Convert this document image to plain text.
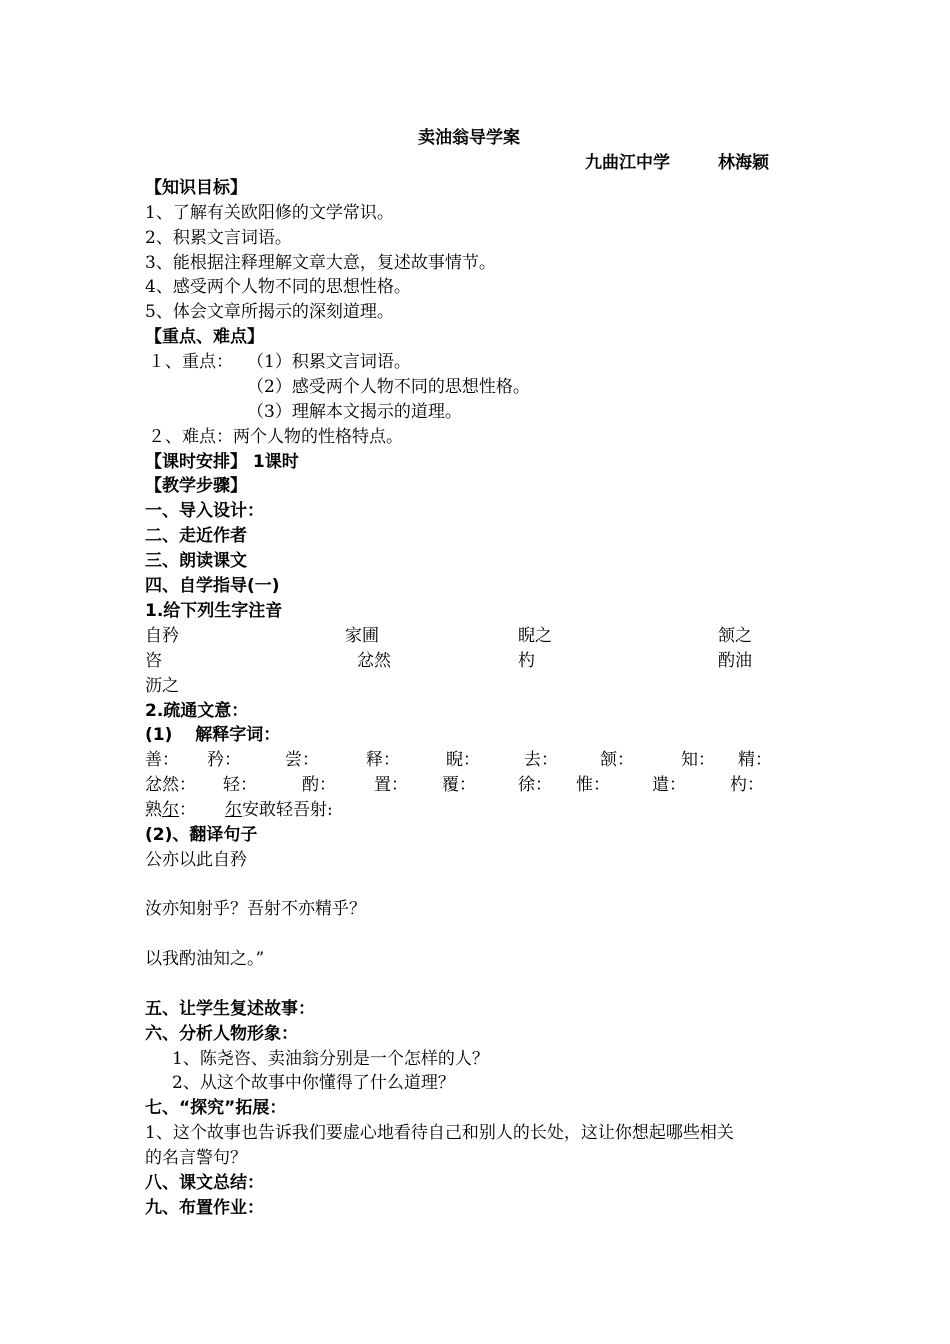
卖油翁导学案
九曲江中学	林海颖
【知识目标】
1、了解有关欧阳修的文学常识。
2、积累文言词语。
3、能根据注释理解文章大意，复述故事情节。
4、感受两个人物不同的思想性格。
5、体会文章所揭示的深刻道理。
【重点、难点】
１、重点： （1）积累文言词语。
（2）感受两个人物不同的思想性格。
（3）理解本文揭示的道理。
２、难点：两个人物的性格特点。
【课时安排】 1课时
【教学步骤】
一、导入设计：
二、走近作者
三、朗读课文
四、自学指导(一)
1.给下列生字注音
自矜	家圃	睨之	颔之
咨	忿然	杓	酌油
沥之
2.疏通文意：
(1)　 解释字词：
善： 矜：	尝：	释：	睨：	去： 颔：	知： 精：
忿然： 轻：	酌： 置： 覆： 徐： 惟： 遣：	杓：
熟尔： 尔安敢轻吾射:
(2)、翻译句子
公亦以此自矜
汝亦知射乎？吾射不亦精乎？
以我酌油知之。”
五、让学生复述故事：
六、分析人物形象：
1、陈尧咨、卖油翁分别是一个怎样的人？
2、从这个故事中你懂得了什么道理？
七、“探究”拓展：
1、这个故事也告诉我们要虚心地看待自己和别人的长处，这让你想起哪些相关
的名言警句？
八、课文总结：
九、布置作业：
